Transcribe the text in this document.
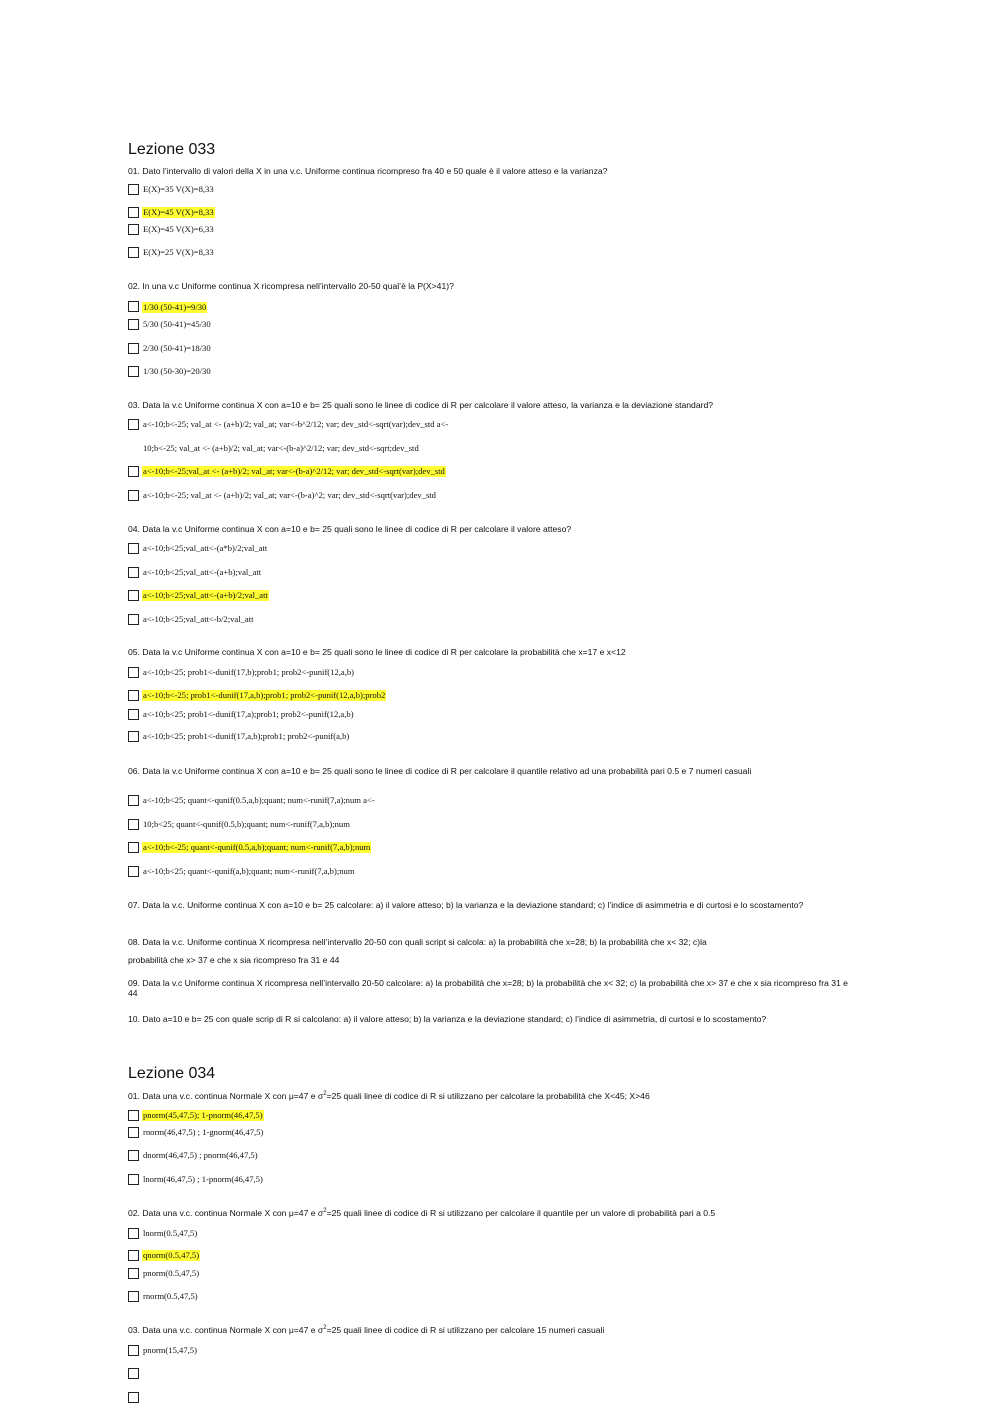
Lezione 033
01. Dato l’intervallo di valori della X in una v.c. Uniforme continua ricompreso fra 40 e 50 quale è il valore atteso e la varianza?
E(X)=35 V(X)=8,33
E(X)=45 V(X)=8,33
E(X)=45 V(X)=6,33
E(X)=25 V(X)=8,33
02. In una v.c Uniforme continua X ricompresa nell’intervallo 20-50 qual’è la P(X>41)?
1/30 (50-41)=9/30
5/30 (50-41)=45/30
2/30 (50-41)=18/30
1/30 (50-30)=20/30
03. Data la v.c Uniforme continua X con a=10 e b= 25 quali sono le linee di codice di R per calcolare il valore atteso, la varianza e la deviazione standard?
a<-10;b<-25; val_at <- (a+b)/2; val_at; var<-b^2/12; var; dev_std<-sqrt(var);dev_std a<-
10;b<-25; val_at <- (a+b)/2; val_at; var<-(b-a)^2/12; var; dev_std<-sqrt;dev_std
a<-10;b<-25;val_at <- (a+b)/2; val_at; var<-(b-a)^2/12; var; dev_std<-sqrt(var);dev_std
a<-10;b<-25; val_at <- (a+b)/2; val_at; var<-(b-a)^2; var; dev_std<-sqrt(var);dev_std
04. Data la v.c Uniforme continua X con a=10 e b= 25 quali sono le linee di codice di R per calcolare il valore atteso?
a<-10;b<25;val_att<-(a*b)/2;val_att
a<-10;b<25;val_att<-(a+b);val_att
a<-10;b<25;val_att<-(a+b)/2;val_att
a<-10;b<25;val_att<-b/2;val_att
05. Data la v.c Uniforme continua X con a=10 e b= 25 quali sono le linee di codice di R per calcolare la probabilità che x=17 e x<12
a<-10;b<25; prob1<-dunif(17,b);prob1; prob2<-punif(12,a,b)
a<-10;b<-25; prob1<-dunif(17,a,b);prob1; prob2<-punif(12,a,b);prob2
a<-10;b<25; prob1<-dunif(17,a);prob1; prob2<-punif(12,a,b)
a<-10;b<25; prob1<-dunif(17,a,b);prob1; prob2<-punif(a,b)
06. Data la v.c Uniforme continua X con a=10 e b= 25 quali sono le linee di codice di R per calcolare il quantile relativo ad una probabilità pari 0.5 e 7 numeri casuali
a<-10;b<25; quant<-qunif(0.5,a,b);quant; num<-runif(7,a);num a<-
10;b<25; quant<-qunif(0.5,b);quant; num<-runif(7,a,b);num
a<-10;b<-25; quant<-qunif(0.5,a,b);quant; num<-runif(7,a,b);num
a<-10;b<25; quant<-qunif(a,b);quant; num<-runif(7,a,b);num
07. Data la v.c. Uniforme continua X con a=10 e b= 25 calcolare: a) il valore atteso; b) la varianza e la deviazione standard; c) l’indice di asimmetria e di curtosi e lo scostamento?
08. Data la v.c. Uniforme continua X ricompresa nell’intervallo 20-50 con quali script si calcola: a) la probabilità che x=28; b) la probabilità che x< 32; c)la
probabilità che x> 37 e che x sia ricompreso fra 31 e 44
09. Data la v.c Uniforme continua X ricompresa nell’intervallo 20-50 calcolare: a) la probabilità che x=28; b) la probabilità che x< 32; c) la probabilità che x> 37 e che x sia ricompreso fra 31 e 44
10. Dato a=10 e b= 25 con quale scrip di R si calcolano: a) il valore atteso; b) la varianza e la deviazione standard; c) l’indice di asimmetria, di curtosi e lo scostamento?
Lezione 034
01. Data una v.c. continua Normale X con μ=47 e $\sigma^2=25$ quali linee di codice di R si utilizzano per calcolare la probabilità che X<45; X>46
pnorm(45,47,5); 1-pnorm(46,47,5)
rnorm(46,47,5) ; 1-gnorm(46,47,5)
dnorm(46,47,5) ; pnorm(46,47,5)
lnorm(46,47,5) ; 1-pnorm(46,47,5)
02. Data una v.c. continua Normale X con μ=47 e $\sigma^2=25$ quali linee di codice di R si utilizzano per calcolare il quantile per un valore di probabilità pari a 0.5
lnorm(0.5,47,5)
qnorm(0.5,47,5)
pnorm(0.5,47,5)
rnorm(0.5,47,5)
03. Data una v.c. continua Normale X con μ=47 e $\sigma^2=25$ quali linee di codice di R si utilizzano per calcolare 15 numeri casuali
pnorm(15,47,5)
